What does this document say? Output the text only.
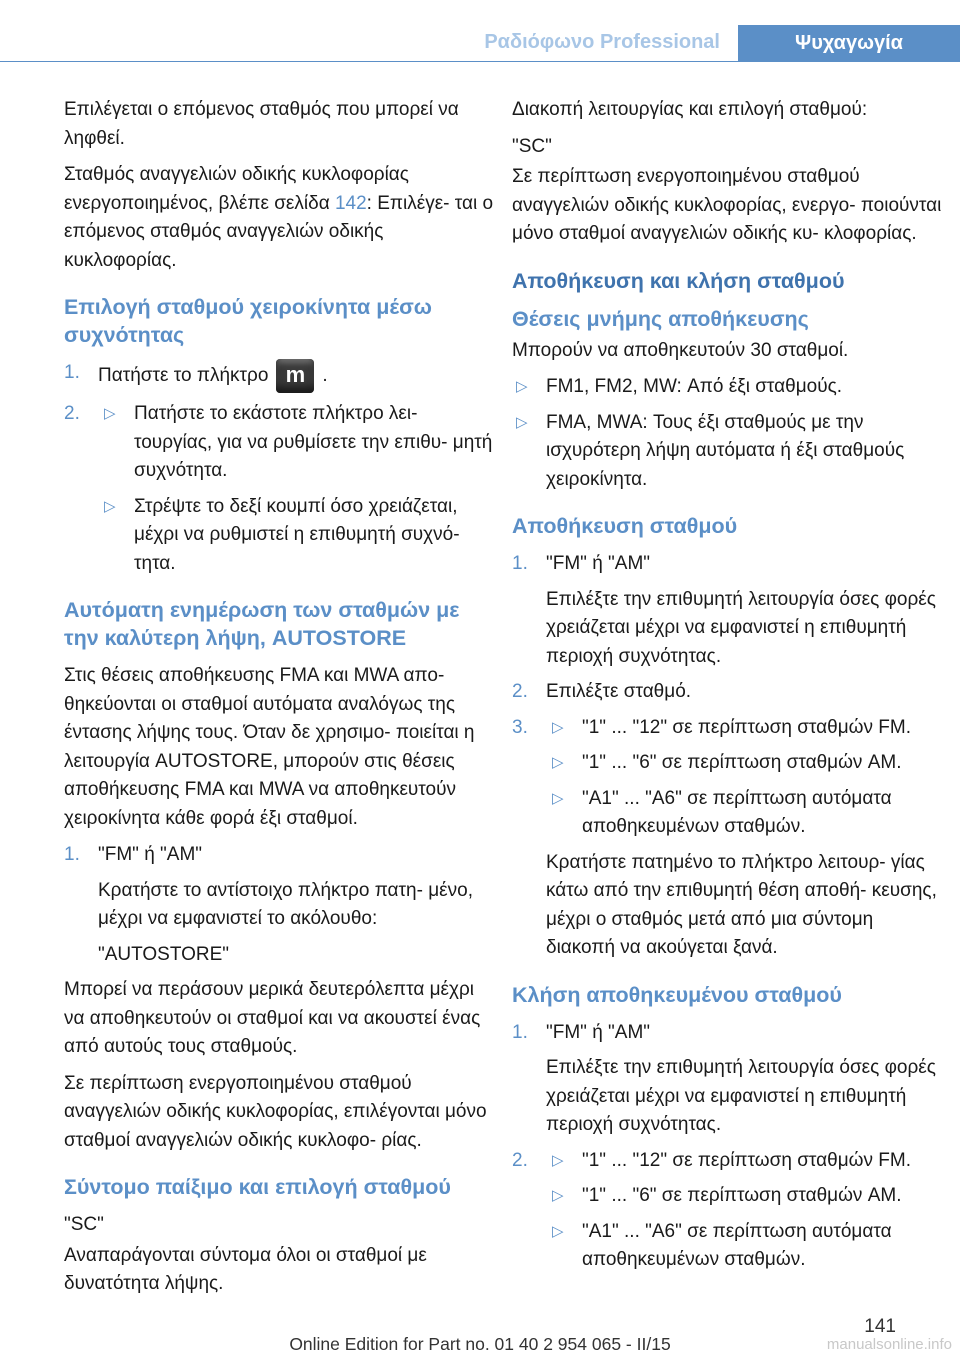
Ραδιόφωνο Professional	Ψυχαγωγία

Επιλέγεται ο επόμενος σταθμός που μπορεί να ληφθεί.

Σταθμός αναγγελιών οδικής κυκλοφορίας ενεργοποιημένος, βλέπε σελίδα 142: Επιλέγε‐ ται ο επόμενος σταθμός αναγγελιών οδικής κυκλοφορίας.

Επιλογή σταθμού χειροκίνητα μέσω συχνότητας
1. Πατήστε το πλήκτρο m .
2. ▷ Πατήστε το εκάστοτε πλήκτρο λει‐ τουργίας, για να ρυθμίσετε την επιθυ‐ μητή συχνότητα.
▷ Στρέψτε το δεξί κουμπί όσο χρειάζεται, μέχρι να ρυθμιστεί η επιθυμητή συχνό‐ τητα.
Αυτόματη ενημέρωση των σταθμών με την καλύτερη λήψη, AUTOSTORE

Στις θέσεις αποθήκευσης FMA και MWA απο‐ θηκεύονται οι σταθμοί αυτόματα αναλόγως της έντασης λήψης τους. Όταν δε χρησιμο‐ ποιείται η λειτουργία AUTOSTORE, μπορούν στις θέσεις αποθήκευσης FMA και MWA να αποθηκευτούν χειροκίνητα κάθε φορά έξι σταθμοί.

1. "FM" ή "AM"
Κρατήστε το αντίστοιχο πλήκτρο πατη‐ μένο, μέχρι να εμφανιστεί το ακόλουθο:
"AUTOSTORE"

Μπορεί να περάσουν μερικά δευτερόλεπτα μέχρι να αποθηκευτούν οι σταθμοί και να ακουστεί ένας από αυτούς τους σταθμούς.

Σε περίπτωση ενεργοποιημένου σταθμού αναγγελιών οδικής κυκλοφορίας, επιλέγονται μόνο σταθμοί αναγγελιών οδικής κυκλοφο‐ ρίας.

Σύντομο παίξιμο και επιλογή σταθμού

"SC"

Αναπαράγονται σύντομα όλοι οι σταθμοί με δυνατότητα λήψης.

Διακοπή λειτουργίας και επιλογή σταθμού:

"SC"

Σε περίπτωση ενεργοποιημένου σταθμού αναγγελιών οδικής κυκλοφορίας, ενεργο‐ ποιούνται μόνο σταθμοί αναγγελιών οδικής κυ‐ κλοφορίας.

Αποθήκευση και κλήση σταθμού
Θέσεις μνήμης αποθήκευσης

Μπορούν να αποθηκευτούν 30 σταθμοί.

▷ FM1, FM2, MW: Από έξι σταθμούς.
▷ FMA, MWA: Τους έξι σταθμούς με την ισχυρότερη λήψη αυτόματα ή έξι σταθμούς χειροκίνητα.
Αποθήκευση σταθμού
1. "FM" ή "AM"
Επιλέξτε την επιθυμητή λειτουργία όσες φορές χρειάζεται μέχρι να εμφανιστεί η επιθυμητή περιοχή συχνότητας.
2. Επιλέξτε σταθμό.
3. ▷ "1" ... "12" σε περίπτωση σταθμών FM.
▷ "1" ... "6" σε περίπτωση σταθμών AM.
▷ "A1" ... "A6" σε περίπτωση αυτόματα αποθηκευμένων σταθμών.
Κρατήστε πατημένο το πλήκτρο λειτουρ‐ γίας κάτω από την επιθυμητή θέση αποθή‐ κευσης, μέχρι ο σταθμός μετά από μια σύντομη διακοπή να ακούγεται ξανά.
Κλήση αποθηκευμένου σταθμού
1. "FM" ή "AM"
Επιλέξτε την επιθυμητή λειτουργία όσες φορές χρειάζεται μέχρι να εμφανιστεί η επιθυμητή περιοχή συχνότητας.
2. ▷ "1" ... "12" σε περίπτωση σταθμών FM.
▷ "1" ... "6" σε περίπτωση σταθμών AM.
▷ "A1" ... "A6" σε περίπτωση αυτόματα αποθηκευμένων σταθμών.
141
Online Edition for Part no. 01 40 2 954 065 - II/15	manualsonline.info
